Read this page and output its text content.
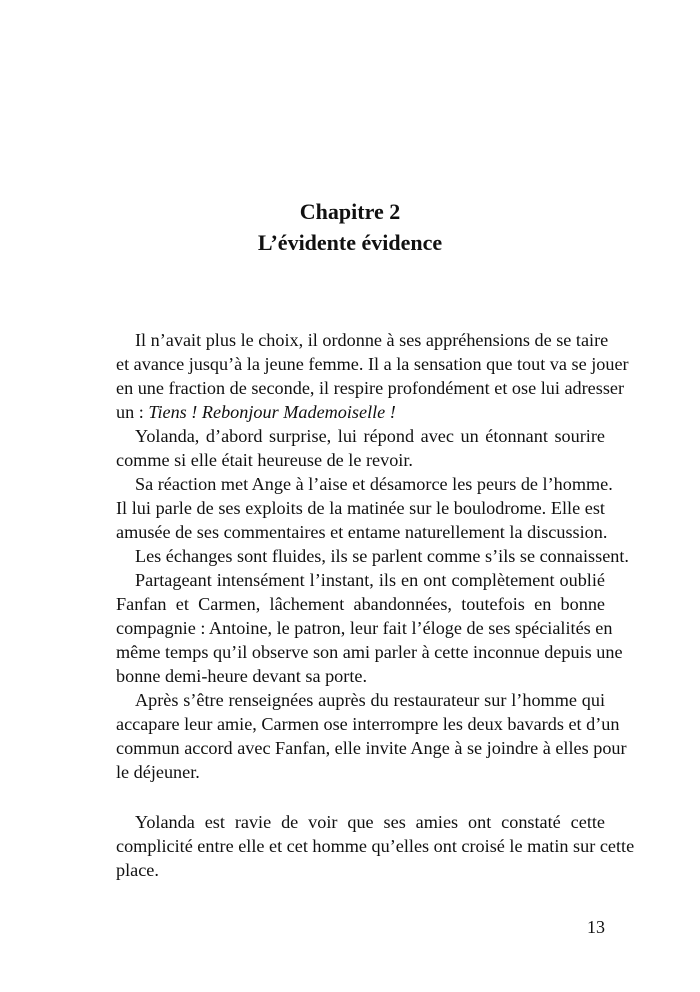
Chapitre 2
L’évidente évidence
Il n’avait plus le choix, il ordonne à ses appréhensions de se taire
et avance jusqu’à la jeune femme. Il a la sensation que tout va se jouer
en une fraction de seconde, il respire profondément et ose lui adresser
un : Tiens ! Rebonjour Mademoiselle !
Yolanda, d’abord surprise, lui répond avec un étonnant sourire
comme si elle était heureuse de le revoir.
Sa réaction met Ange à l’aise et désamorce les peurs de l’homme.
Il lui parle de ses exploits de la matinée sur le boulodrome. Elle est
amusée de ses commentaires et entame naturellement la discussion.
Les échanges sont fluides, ils se parlent comme s’ils se connaissent.
Partageant intensément l’instant, ils en ont complètement oublié
Fanfan et Carmen, lâchement abandonnées, toutefois en bonne
compagnie : Antoine, le patron, leur fait l’éloge de ses spécialités en
même temps qu’il observe son ami parler à cette inconnue depuis une
bonne demi-heure devant sa porte.
Après s’être renseignées auprès du restaurateur sur l’homme qui
accapare leur amie, Carmen ose interrompre les deux bavards et d’un
commun accord avec Fanfan, elle invite Ange à se joindre à elles pour
le déjeuner.
Yolanda est ravie de voir que ses amies ont constaté cette
complicité entre elle et cet homme qu’elles ont croisé le matin sur cette
place.
13
